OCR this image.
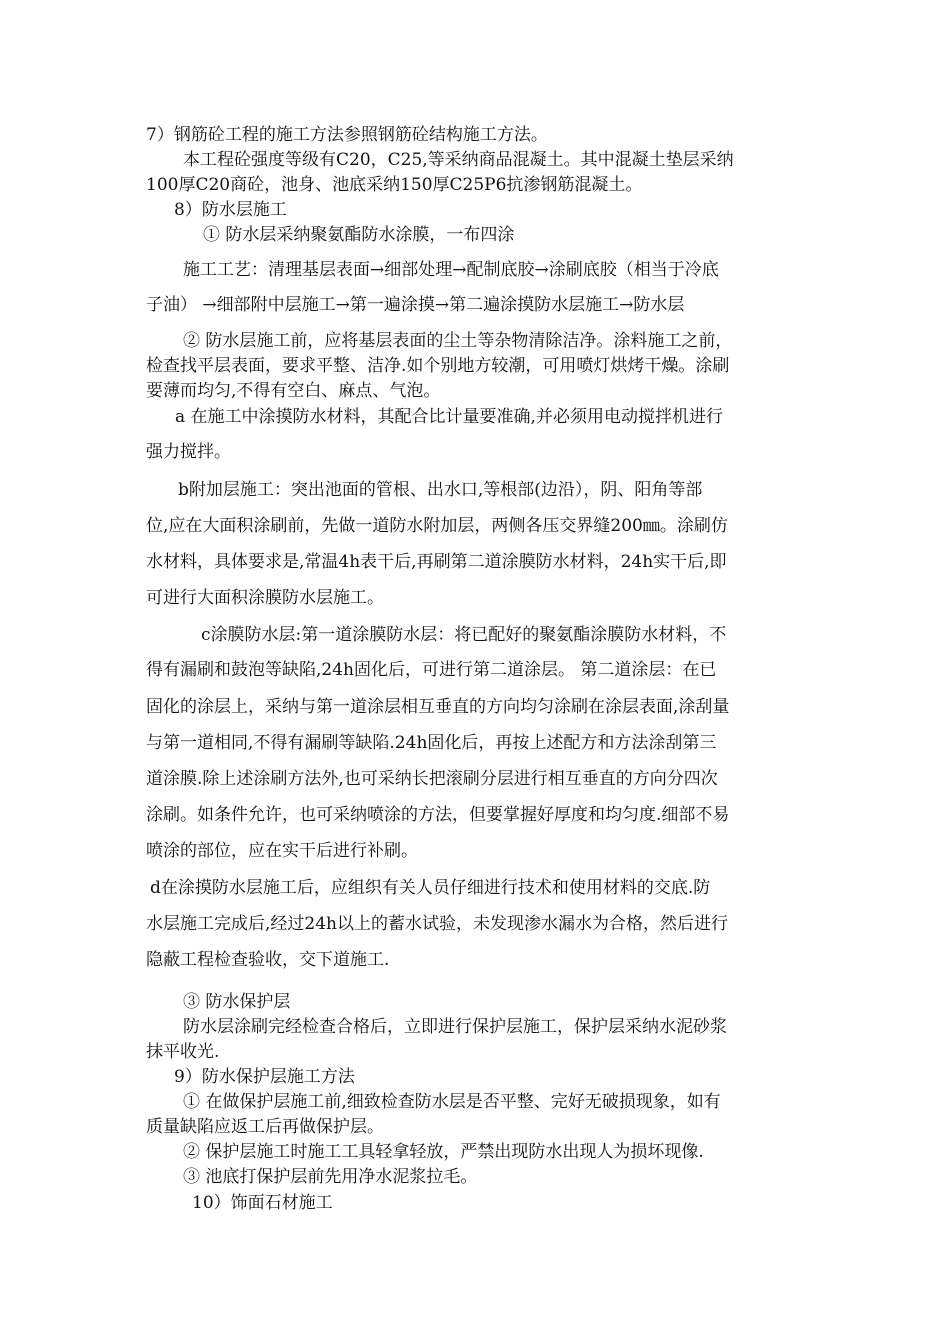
7）钢筋砼工程的施工方法参照钢筋砼结构施工方法。
本工程砼强度等级有C20，C25,等采纳商品混凝土。其中混凝土垫层采纳
100厚C20商砼，池身、池底采纳150厚C25P6抗渗钢筋混凝土。
8）防水层施工
① 防水层采纳聚氨酯防水涂膜，一布四涂
施工工艺：清理基层表面→细部处理→配制底胶→涂刷底胶（相当于冷底
子油） →细部附中层施工→第一遍涂摸→第二遍涂摸防水层施工→防水层
② 防水层施工前，应将基层表面的尘土等杂物清除洁净。涂料施工之前，
检查找平层表面，要求平整、洁净.如个别地方较潮，可用喷灯烘烤干燥。涂刷
要薄而均匀,不得有空白、麻点、气泡。
a 在施工中涂摸防水材料，其配合比计量要准确,并必须用电动搅拌机进行
强力搅拌。
b附加层施工：突出池面的管根、出水口,等根部(边沿），阴、阳角等部
位,应在大面积涂刷前，先做一道防水附加层，两侧各压交界缝200㎜。涂刷仿
水材料，具体要求是,常温4h表干后,再刷第二道涂膜防水材料，24h实干后,即
可进行大面积涂膜防水层施工。
c涂膜防水层:第一道涂膜防水层：将已配好的聚氨酯涂膜防水材料，不
得有漏刷和鼓泡等缺陷,24h固化后，可进行第二道涂层。 第二道涂层：在已
固化的涂层上，采纳与第一道涂层相互垂直的方向均匀涂刷在涂层表面,涂刮量
与第一道相同,不得有漏刷等缺陷.24h固化后，再按上述配方和方法涂刮第三
道涂膜.除上述涂刷方法外,也可采纳长把滚刷分层进行相互垂直的方向分四次
涂刷。如条件允许，也可采纳喷涂的方法，但要掌握好厚度和均匀度.细部不易
喷涂的部位，应在实干后进行补刷。
d在涂摸防水层施工后，应组织有关人员仔细进行技术和使用材料的交底.防
水层施工完成后,经过24h以上的蓄水试验，未发现渗水漏水为合格，然后进行
隐蔽工程检查验收，交下道施工.
③ 防水保护层
防水层涂刷完经检查合格后，立即进行保护层施工，保护层采纳水泥砂浆
抹平收光.
9）防水保护层施工方法
① 在做保护层施工前,细致检查防水层是否平整、完好无破损现象，如有
质量缺陷应返工后再做保护层。
② 保护层施工时施工工具轻拿轻放，严禁出现防水出现人为损坏现像.
③ 池底打保护层前先用净水泥浆拉毛。
10）饰面石材施工
